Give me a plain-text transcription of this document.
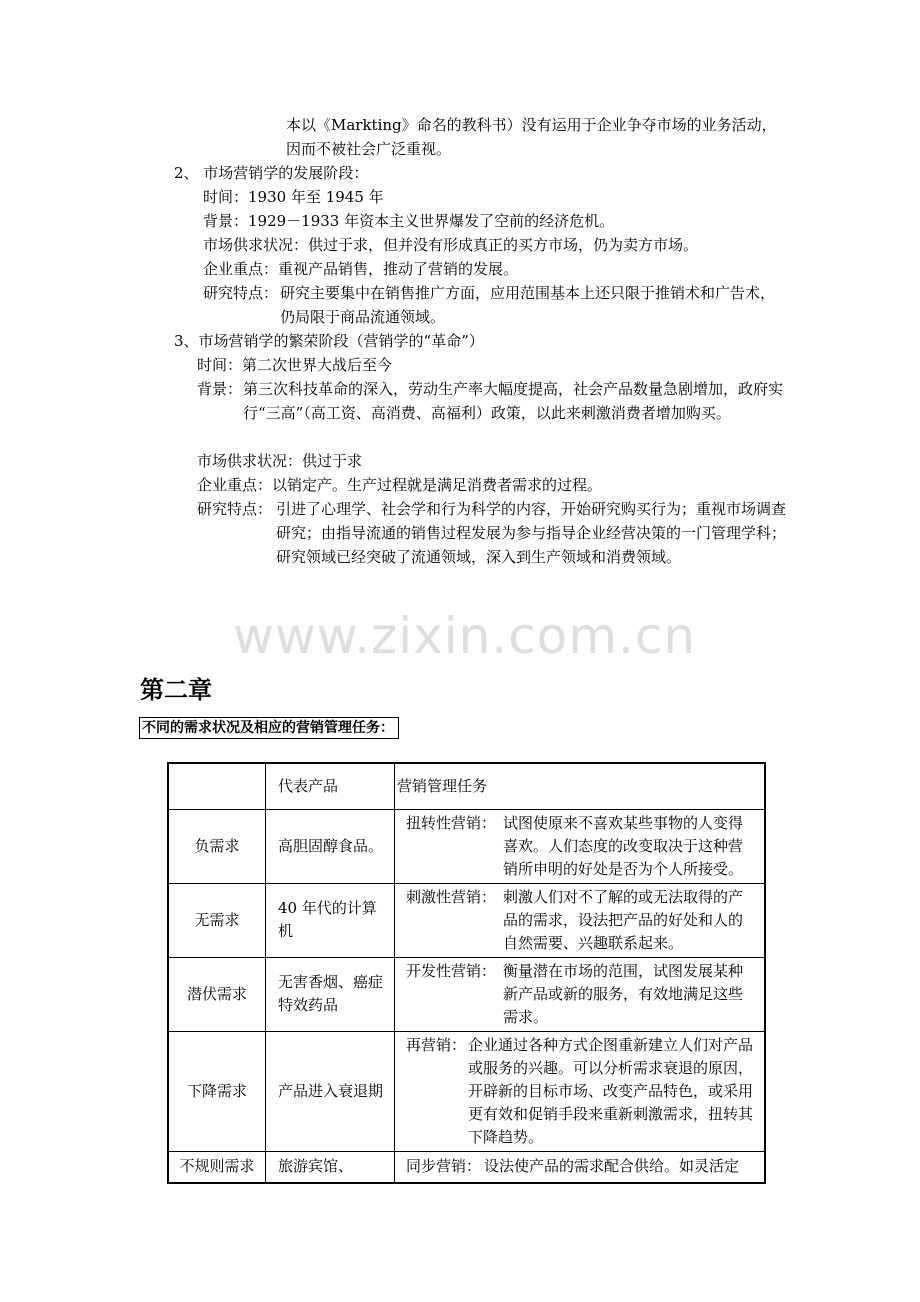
本以《Markting》命名的教科书）没有运用于企业争夺市场的业务活动，
因而不被社会广泛重视。
2、 市场营销学的发展阶段：
时间：1930 年至 1945 年
背景：1929－1933 年资本主义世界爆发了空前的经济危机。
市场供求状况：供过于求，但并没有形成真正的买方市场，仍为卖方市场。
企业重点：重视产品销售，推动了营销的发展。
研究特点： 研究主要集中在销售推广方面，应用范围基本上还只限于推销术和广告术，仍局限于商品流通领域。
3、市场营销学的繁荣阶段（营销学的“革命”）
时间：第二次世界大战后至今
背景： 第三次科技革命的深入，劳动生产率大幅度提高，社会产品数量急剧增加，政府实行“三高”（高工资、高消费、高福利）政策，以此来刺激消费者增加购买。
市场供求状况：供过于求
企业重点：以销定产。生产过程就是满足消费者需求的过程。
研究特点： 引进了心理学、社会学和行为科学的内容，开始研究购买行为；重视市场调查研究；由指导流通的销售过程发展为参与指导企业经营决策的一门管理学科；研究领域已经突破了流通领域，深入到生产领域和消费领域。
www.zixin.com.cn
第二章
不同的需求状况及相应的营销管理任务：
	代表产品	营销管理任务
负需求	高胆固醇食品。	扭转性营销： 试图使原来不喜欢某些事物的人变得喜欢。人们态度的改变取决于这种营销所申明的好处是否为个人所接受。

无需求	40 年代的计算机	刺激性营销： 刺激人们对不了解的或无法取得的产品的需求，设法把产品的好处和人的自然需要、兴趣联系起来。

潜伏需求	无害香烟、癌症特效药品	开发性营销： 衡量潜在市场的范围，试图发展某种新产品或新的服务，有效地满足这些需求。

下降需求	产品进入衰退期	再营销： 企业通过各种方式企图重新建立人们对产品或服务的兴趣。可以分析需求衰退的原因，开辟新的目标市场、改变产品特色，或采用更有效和促销手段来重新刺激需求，扭转其下降趋势。

不规则需求	旅游宾馆、	同步营销： 设法使产品的需求配合供给。如灵活定
